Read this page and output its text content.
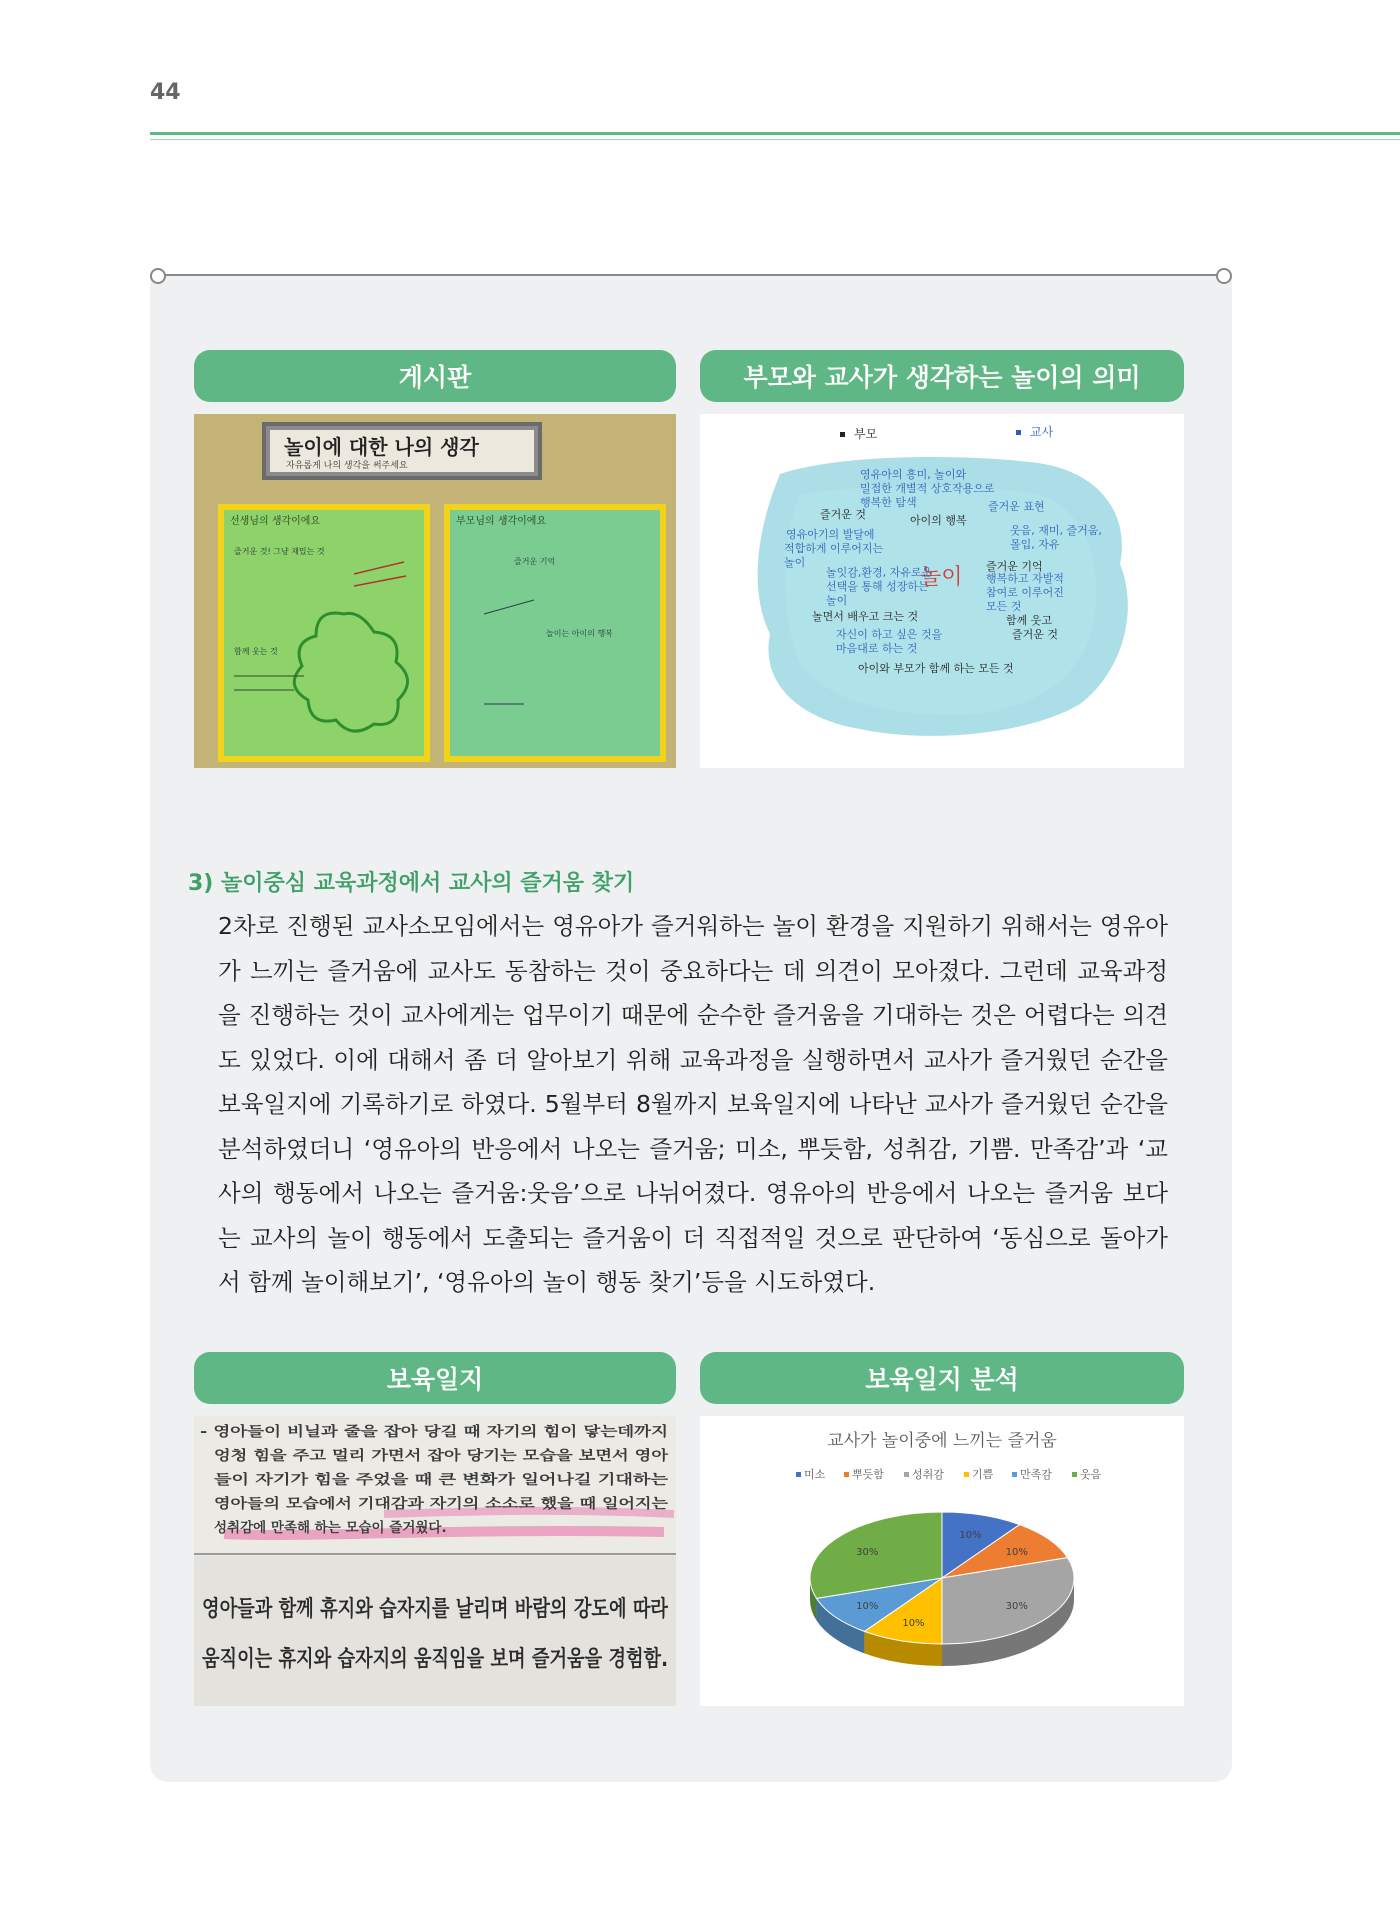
44
게시판
놀이에 대한 나의 생각
자유롭게 나의 생각을 써주세요
선생님의 생각이에요
즐거운 것! 그냥 재밌는 것
함께 웃는 것
부모님의 생각이에요
즐거운 기억
놀이는 아이의 행복
부모와 교사가 생각하는 놀이의 의미
부모	교사
놀이
영유아의 흥미, 놀이와
밀접한 개별적 상호작용으로
행복한 탐색
즐거운 것	아이의 행복
즐거운 표현
영유아기의 발달에
적합하게 이루어지는
놀이
웃음, 재미, 즐거움,
몰입, 자유
즐거운 기억
놀잇감,환경, 자유로운
선택을 통해 성장하는
놀이
행복하고 자발적
참여로 이루어진
모든 것
놀면서 배우고 크는 것	함께 웃고
즐거운 것
자신이 하고 싶은 것을
마음대로 하는 것
아이와 부모가 함께 하는 모든 것
3) 놀이중심 교육과정에서 교사의 즐거움 찾기
2차로 진행된 교사소모임에서는 영유아가 즐거워하는 놀이 환경을 지원하기 위해서는 영유아가 느끼는 즐거움에 교사도 동참하는 것이 중요하다는 데 의견이 모아졌다. 그런데 교육과정을 진행하는 것이 교사에게는 업무이기 때문에 순수한 즐거움을 기대하는 것은 어렵다는 의견도 있었다. 이에 대해서 좀 더 알아보기 위해 교육과정을 실행하면서 교사가 즐거웠던 순간을 보육일지에 기록하기로 하였다. 5월부터 8월까지 보육일지에 나타난 교사가 즐거웠던 순간을 분석하였더니 ‘영유아의 반응에서 나오는 즐거움; 미소, 뿌듯함, 성취감, 기쁨. 만족감’과 ‘교사의 행동에서 나오는 즐거움:웃음’으로 나뉘어졌다. 영유아의 반응에서 나오는 즐거움 보다는 교사의 놀이 행동에서 도출되는 즐거움이 더 직접적일 것으로 판단하여 ‘동심으로 돌아가서 함께 놀이해보기’, ‘영유아의 놀이 행동 찾기’등을 시도하였다.
보육일지
- 영아들이 비닐과 줄을 잡아 당길 때 자기의 힘이 닿는데까지
엉청 힘을 주고 멀리 가면서 잡아 당기는 모습을 보면서 영아
들이 자기가 힘을 주었을 때 큰 변화가 일어나길 기대하는
영아들의 모습에서 기대감과 자기의 소소로 했을 때 일어지는
성취감에 만족해 하는 모습이 즐거웠다.
영아들과 함께 휴지와 습자지를 날리며 바람의 강도에 따라
움직이는 휴지와 습자지의 움직임을 보며 즐거움을 경험함.
보육일지 분석
교사가 놀이중에 느끼는 즐거움
미소 뿌듯함	성취감	기쁨 만족감	웃음
10%
10%
30%
10%
10%
30%
